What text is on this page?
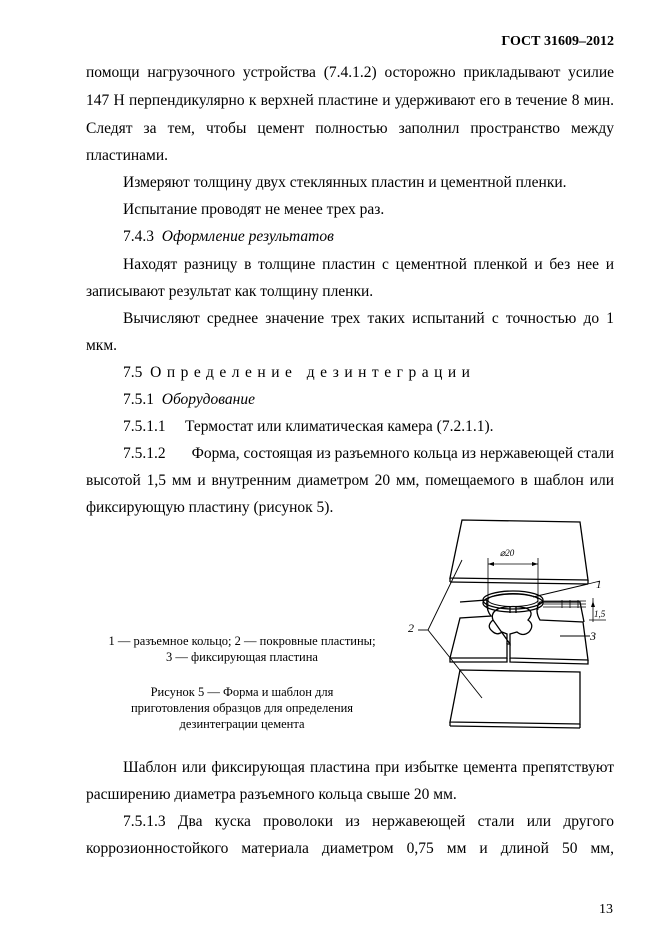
ГОСТ 31609–2012

помощи нагрузочного устройства (7.4.1.2) осторожно прикладывают усилие

147 Н перпендикулярно к верхней пластине и удерживают его в течение 8 мин.

Следят за тем, чтобы цемент полностью заполнил пространство между

пластинами.

Измеряют толщину двух стеклянных пластин и цементной пленки.

Испытание проводят не менее трех раз.

7.4.3 Оформление результатов

Находят разницу в толщине пластин с цементной пленкой и без нее и

записывают результат как толщину пленки.

Вычисляют среднее значение трех таких испытаний с точностью до 1

мкм.

7.5 Определение дезинтеграции

7.5.1 Оборудование

7.5.1.1 Термостат или климатическая камера (7.2.1.1).

7.5.1.2 Форма, состоящая из разъемного кольца из нержавеющей стали

высотой 1,5 мм и внутренним диаметром 20 мм, помещаемого в шаблон или

фиксирующую пластину (рисунок 5).

1 — разъемное кольцо; 2 — покровные пластины;
3 — фиксирующая пластина
Рисунок 5 — Форма и шаблон для
приготовления образцов для определения
дезинтеграции цемента
⌀20
1
1,5
2
3

Шаблон или фиксирующая пластина при избытке цемента препятствуют

расширению диаметра разъемного кольца свыше 20 мм.

7.5.1.3 Два куска проволоки из нержавеющей стали или другого

коррозионностойкого материала диаметром 0,75 мм и длиной 50 мм,

13
